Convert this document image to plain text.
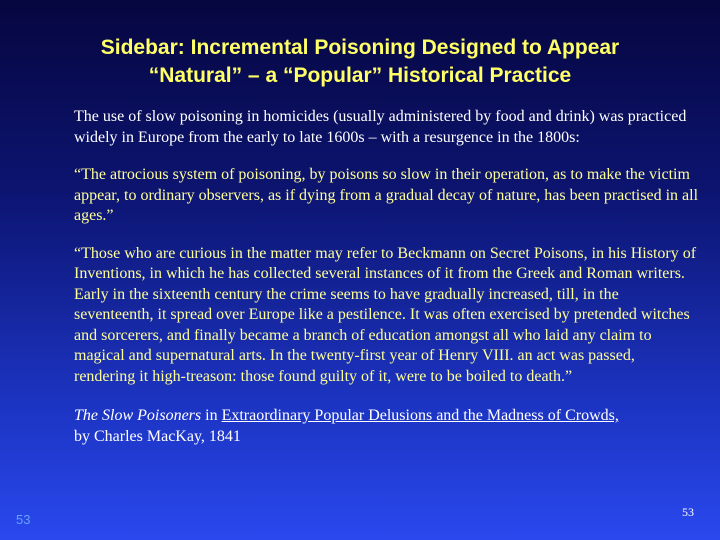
Sidebar: Incremental Poisoning Designed to Appear
“Natural” – a “Popular” Historical Practice

The use of slow poisoning in homicides (usually administered by food and drink) was practiced widely in Europe from the early to late 1600s – with a resurgence in the 1800s:

“The atrocious system of poisoning, by poisons so slow in their operation, as to make the victim appear, to ordinary observers, as if dying from a gradual decay of nature, has been practised in all ages.”

“Those who are curious in the matter may refer to Beckmann on Secret Poisons, in his History of Inventions, in which he has collected several instances of it from the Greek and Roman writers. Early in the sixteenth century the crime seems to have gradually increased, till, in the seventeenth, it spread over Europe like a pestilence. It was often exercised by pretended witches and sorcerers, and finally became a branch of education amongst all who laid any claim to magical and supernatural arts. In the twenty-first year of Henry VIII. an act was passed, rendering it high-treason: those found guilty of it, were to be boiled to death.”

The Slow Poisoners in Extraordinary Popular Delusions and the Madness of Crowds,
by Charles MacKay, 1841

53	53
